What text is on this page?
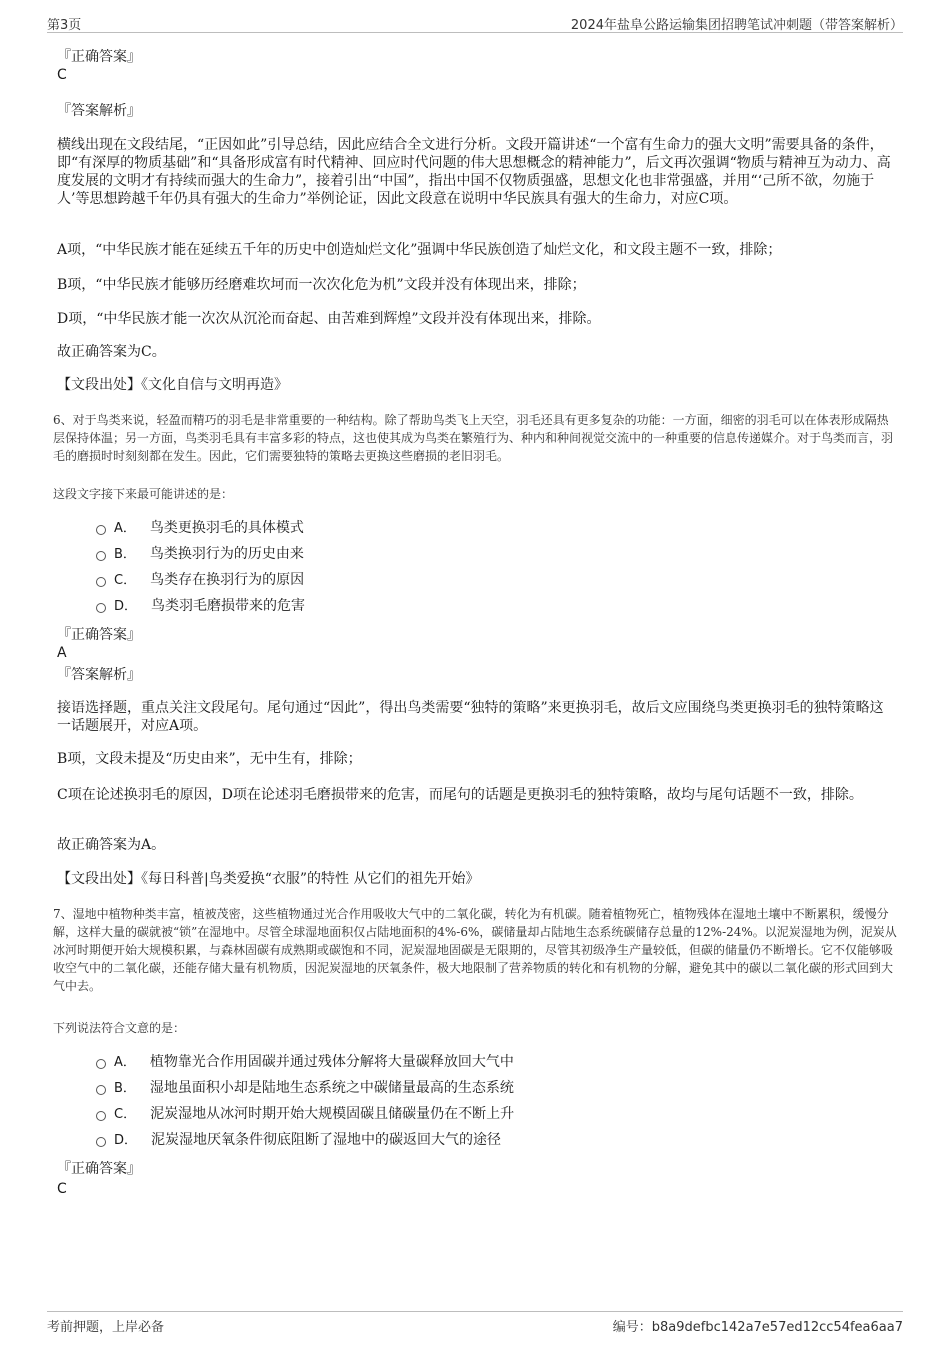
第3页	2024年盐阜公路运输集团招聘笔试冲刺题（带答案解析）
『正确答案』
C
『答案解析』
横线出现在文段结尾，“正因如此”引导总结，因此应结合全文进行分析。文段开篇讲述“一个富有生命力的强大文明”需要具备的条件，即“有深厚的物质基础”和“具备形成富有时代精神、回应时代问题的伟大思想概念的精神能力”，后文再次强调“物质与精神互为动力、高度发展的文明才有持续而强大的生命力”，接着引出“中国”，指出中国不仅物质强盛，思想文化也非常强盛，并用“‘己所不欲，勿施于人’等思想跨越千年仍具有强大的生命力”举例论证，因此文段意在说明中华民族具有强大的生命力，对应C项。
A项，“中华民族才能在延续五千年的历史中创造灿烂文化”强调中华民族创造了灿烂文化，和文段主题不一致，排除；
B项，“中华民族才能够历经磨难坎坷而一次次化危为机”文段并没有体现出来，排除；
D项，“中华民族才能一次次从沉沦而奋起、由苦难到辉煌”文段并没有体现出来，排除。
故正确答案为C。
【文段出处】《文化自信与文明再造》
6、对于鸟类来说，轻盈而精巧的羽毛是非常重要的一种结构。除了帮助鸟类飞上天空，羽毛还具有更多复杂的功能：一方面，细密的羽毛可以在体表形成隔热层保持体温；另一方面，鸟类羽毛具有丰富多彩的特点，这也使其成为鸟类在繁殖行为、种内和种间视觉交流中的一种重要的信息传递媒介。对于鸟类而言，羽毛的磨损时时刻刻都在发生。因此，它们需要独特的策略去更换这些磨损的老旧羽毛。
这段文字接下来最可能讲述的是：
A． 鸟类更换羽毛的具体模式
B． 鸟类换羽行为的历史由来
C． 鸟类存在换羽行为的原因
D． 鸟类羽毛磨损带来的危害
『正确答案』
A
『答案解析』
接语选择题，重点关注文段尾句。尾句通过“因此”，得出鸟类需要“独特的策略”来更换羽毛，故后文应围绕鸟类更换羽毛的独特策略这一话题展开，对应A项。
B项，文段未提及“历史由来”，无中生有，排除；
C项在论述换羽毛的原因，D项在论述羽毛磨损带来的危害，而尾句的话题是更换羽毛的独特策略，故均与尾句话题不一致，排除。
故正确答案为A。
【文段出处】《每日科普|鸟类爱换“衣服”的特性 从它们的祖先开始》
7、湿地中植物种类丰富，植被茂密，这些植物通过光合作用吸收大气中的二氧化碳，转化为有机碳。随着植物死亡，植物残体在湿地土壤中不断累积，缓慢分解，这样大量的碳就被“锁”在湿地中。尽管全球湿地面积仅占陆地面积的4%-6%，碳储量却占陆地生态系统碳储存总量的12%-24%。以泥炭湿地为例，泥炭从冰河时期便开始大规模积累，与森林固碳有成熟期或碳饱和不同，泥炭湿地固碳是无限期的，尽管其初级净生产量较低，但碳的储量仍不断增长。它不仅能够吸收空气中的二氧化碳，还能存储大量有机物质，因泥炭湿地的厌氧条件，极大地限制了营养物质的转化和有机物的分解，避免其中的碳以二氧化碳的形式回到大气中去。
下列说法符合文意的是：
A． 植物靠光合作用固碳并通过残体分解将大量碳释放回大气中
B． 湿地虽面积小却是陆地生态系统之中碳储量最高的生态系统
C． 泥炭湿地从冰河时期开始大规模固碳且储碳量仍在不断上升
D． 泥炭湿地厌氧条件彻底阻断了湿地中的碳返回大气的途径
『正确答案』
C
考前押题，上岸必备	编号：b8a9defbc142a7e57ed12cc54fea6aa7
